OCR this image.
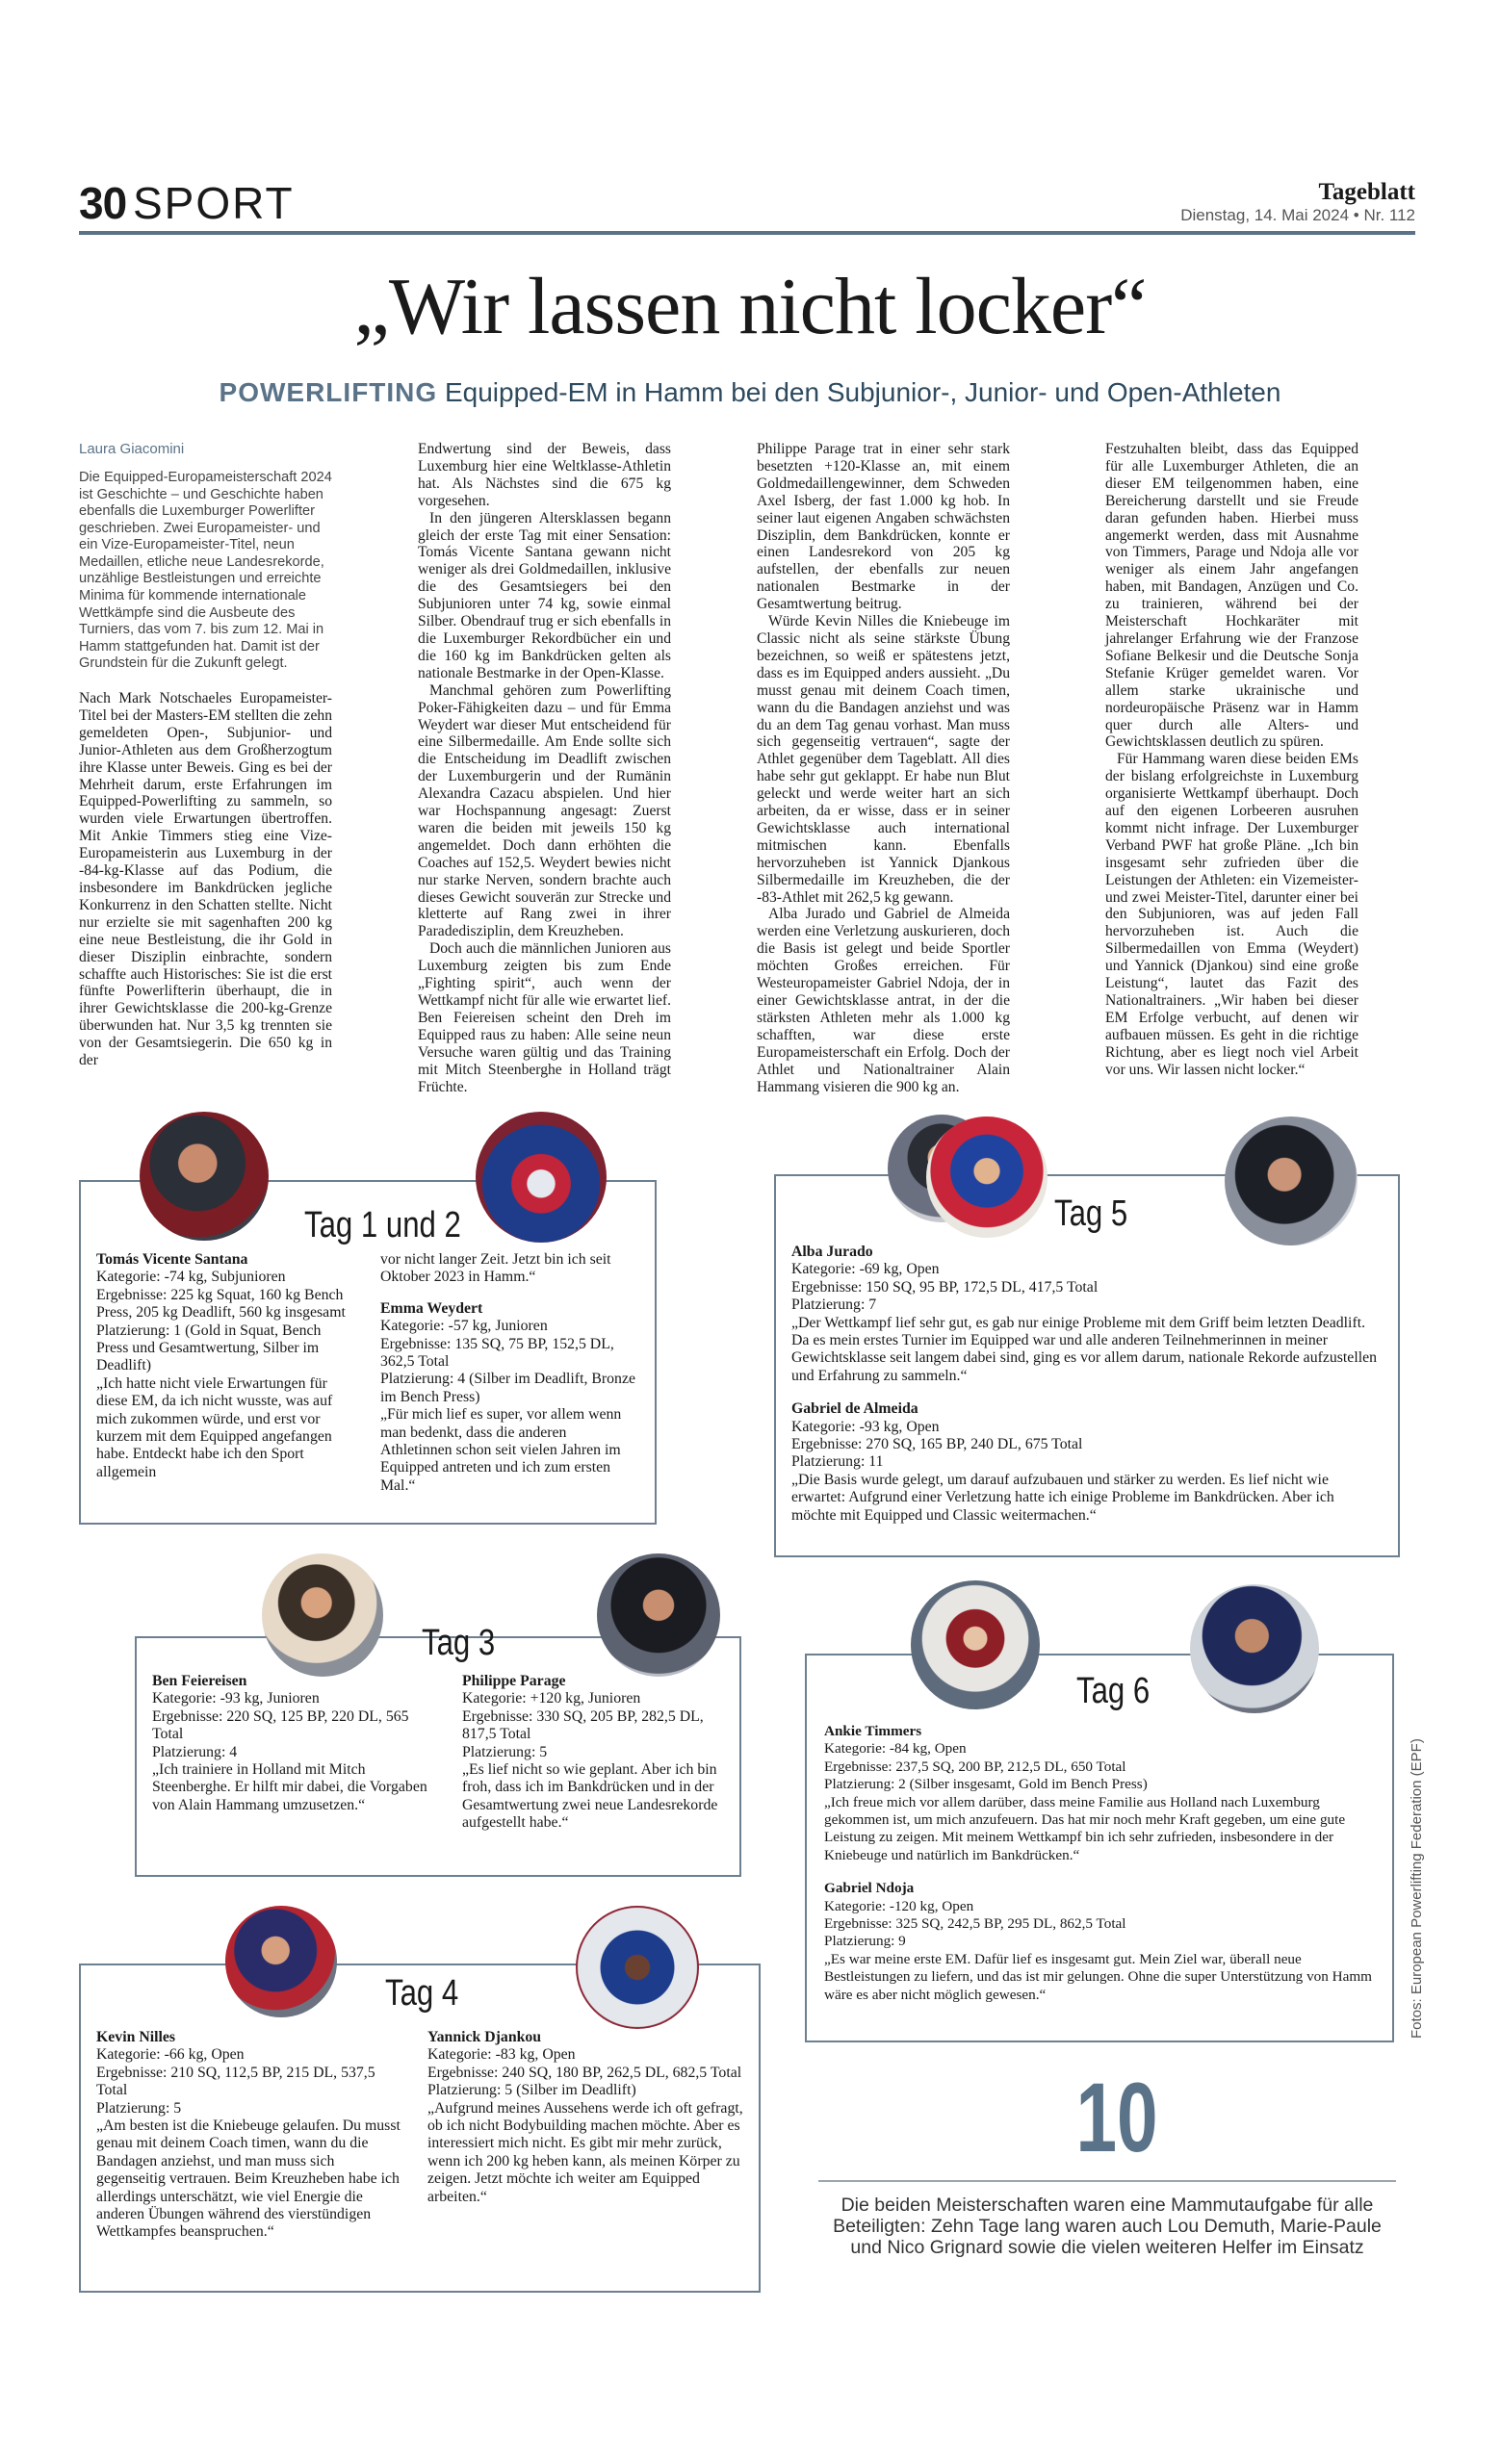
30 SPORT	Tageblatt
Dienstag, 14. Mai 2024 • Nr. 112
„Wir lassen nicht locker“
POWERLIFTING Equipped-EM in Hamm bei den Subjunior-, Junior- und Open-Athleten
Laura Giacomini
Die Equipped-Europameisterschaft 2024 ist Geschichte – und Geschichte haben ebenfalls die Luxemburger Powerlifter geschrieben. Zwei Europameister- und ein Vize-Europameister-Titel, neun Medaillen, etliche neue Landesrekorde, unzählige Bestleistungen und erreichte Minima für kommende internationale Wettkämpfe sind die Ausbeute des Turniers, das vom 7. bis zum 12. Mai in Hamm stattgefunden hat. Damit ist der Grundstein für die Zukunft gelegt.

Nach Mark Notschaeles Europameister-Titel bei der Masters-EM stellten die zehn gemeldeten Open-, Subjunior- und Junior-Athleten aus dem Großherzogtum ihre Klasse unter Beweis. Ging es bei der Mehrheit darum, erste Erfahrungen im Equipped-Powerlifting zu sammeln, so wurden viele Erwartungen übertroffen. Mit Ankie Timmers stieg eine Vize-Europameisterin aus Luxemburg in der -84-kg-Klasse auf das Podium, die insbesondere im Bankdrücken jegliche Konkurrenz in den Schatten stellte. Nicht nur erzielte sie mit sagenhaften 200 kg eine neue Bestleistung, die ihr Gold in dieser Disziplin einbrachte, sondern schaffte auch Historisches: Sie ist die erst fünfte Powerlifterin überhaupt, die in ihrer Gewichtsklasse die 200-kg-Grenze überwunden hat. Nur 3,5 kg trennten sie von der Gesamtsiegerin. Die 650 kg in der

Endwertung sind der Beweis, dass Luxemburg hier eine Weltklasse-Athletin hat. Als Nächstes sind die 675 kg vorgesehen.

In den jüngeren Altersklassen begann gleich der erste Tag mit einer Sensation: Tomás Vicente Santana gewann nicht weniger als drei Goldmedaillen, inklusive die des Gesamtsiegers bei den Subjunioren unter 74 kg, sowie einmal Silber. Obendrauf trug er sich ebenfalls in die Luxemburger Rekordbücher ein und die 160 kg im Bankdrücken gelten als nationale Bestmarke in der Open-Klasse.

Manchmal gehören zum Powerlifting Poker-Fähigkeiten dazu – und für Emma Weydert war dieser Mut entscheidend für eine Silbermedaille. Am Ende sollte sich die Entscheidung im Deadlift zwischen der Luxemburgerin und der Rumänin Alexandra Cazacu abspielen. Und hier war Hochspannung angesagt: Zuerst waren die beiden mit jeweils 150 kg angemeldet. Doch dann erhöhten die Coaches auf 152,5. Weydert bewies nicht nur starke Nerven, sondern brachte auch dieses Gewicht souverän zur Strecke und kletterte auf Rang zwei in ihrer Paradedisziplin, dem Kreuzheben.

Doch auch die männlichen Junioren aus Luxemburg zeigten bis zum Ende „Fighting spirit“, auch wenn der Wettkampf nicht für alle wie erwartet lief. Ben Feiereisen scheint den Dreh im Equipped raus zu haben: Alle seine neun Versuche waren gültig und das Training mit Mitch Steenberghe in Holland trägt Früchte.

Philippe Parage trat in einer sehr stark besetzten +120-Klasse an, mit einem Goldmedaillengewinner, dem Schweden Axel Isberg, der fast 1.000 kg hob. In seiner laut eigenen Angaben schwächsten Disziplin, dem Bankdrücken, konnte er einen Landesrekord von 205 kg aufstellen, der ebenfalls zur neuen nationalen Bestmarke in der Gesamtwertung beitrug.

Würde Kevin Nilles die Kniebeuge im Classic nicht als seine stärkste Übung bezeichnen, so weiß er spätestens jetzt, dass es im Equipped anders aussieht. „Du musst genau mit deinem Coach timen, wann du die Bandagen anziehst und was du an dem Tag genau vorhast. Man muss sich gegenseitig vertrauen“, sagte der Athlet gegenüber dem Tageblatt. All dies habe sehr gut geklappt. Er habe nun Blut geleckt und werde weiter hart an sich arbeiten, da er wisse, dass er in seiner Gewichtsklasse auch international mitmischen kann. Ebenfalls hervorzuheben ist Yannick Djankous Silbermedaille im Kreuzheben, die der -83-Athlet mit 262,5 kg gewann.

Alba Jurado und Gabriel de Almeida werden eine Verletzung auskurieren, doch die Basis ist gelegt und beide Sportler möchten Großes erreichen. Für Westeuropameister Gabriel Ndoja, der in einer Gewichtsklasse antrat, in der die stärksten Athleten mehr als 1.000 kg schafften, war diese erste Europameisterschaft ein Erfolg. Doch der Athlet und Nationaltrainer Alain Hammang visieren die 900 kg an.

Festzuhalten bleibt, dass das Equipped für alle Luxemburger Athleten, die an dieser EM teilgenommen haben, eine Bereicherung darstellt und sie Freude daran gefunden haben. Hierbei muss angemerkt werden, dass mit Ausnahme von Timmers, Parage und Ndoja alle vor weniger als einem Jahr angefangen haben, mit Bandagen, Anzügen und Co. zu trainieren, während bei der Meisterschaft Hochkaräter mit jahrelanger Erfahrung wie der Franzose Sofiane Belkesir und die Deutsche Sonja Stefanie Krüger gemeldet waren. Vor allem starke ukrainische und nordeuropäische Präsenz war in Hamm quer durch alle Alters- und Gewichtsklassen deutlich zu spüren.

Für Hammang waren diese beiden EMs der bislang erfolgreichste in Luxemburg organisierte Wettkampf überhaupt. Doch auf den eigenen Lorbeeren ausruhen kommt nicht infrage. Der Luxemburger Verband PWF hat große Pläne. „Ich bin insgesamt sehr zufrieden über die Leistungen der Athleten: ein Vizemeister- und zwei Meister-Titel, darunter einer bei den Subjunioren, was auf jeden Fall hervorzuheben ist. Auch die Silbermedaillen von Emma (Weydert) und Yannick (Djankou) sind eine große Leistung“, lautet das Fazit des Nationaltrainers. „Wir haben bei dieser EM Erfolge verbucht, auf denen wir aufbauen müssen. Es geht in die richtige Richtung, aber es liegt noch viel Arbeit vor uns. Wir lassen nicht locker.“

Tag 1 und 2
Tomás Vicente Santana
Kategorie: -74 kg, Subjunioren
Ergebnisse: 225 kg Squat, 160 kg Bench Press, 205 kg Deadlift, 560 kg insgesamt
Platzierung: 1 (Gold in Squat, Bench Press und Gesamtwertung, Silber im Deadlift)
„Ich hatte nicht viele Erwartungen für diese EM, da ich nicht wusste, was auf mich zukommen würde, und erst vor kurzem mit dem Equipped angefangen habe. Entdeckt habe ich den Sport allgemein
vor nicht langer Zeit. Jetzt bin ich seit Oktober 2023 in Hamm.“
Emma Weydert
Kategorie: -57 kg, Junioren
Ergebnisse: 135 SQ, 75 BP, 152,5 DL, 362,5 Total
Platzierung: 4 (Silber im Deadlift, Bronze im Bench Press)
„Für mich lief es super, vor allem wenn man bedenkt, dass die anderen Athletinnen schon seit vielen Jahren im Equipped antreten und ich zum ersten Mal.“
Tag 5
Alba Jurado
Kategorie: -69 kg, Open
Ergebnisse: 150 SQ, 95 BP, 172,5 DL, 417,5 Total
Platzierung: 7
„Der Wettkampf lief sehr gut, es gab nur einige Probleme mit dem Griff beim letzten Deadlift. Da es mein erstes Turnier im Equipped war und alle anderen Teilnehmerinnen in meiner Gewichtsklasse seit langem dabei sind, ging es vor allem darum, nationale Rekorde aufzustellen und Erfahrung zu sammeln.“
Gabriel de Almeida
Kategorie: -93 kg, Open
Ergebnisse: 270 SQ, 165 BP, 240 DL, 675 Total
Platzierung: 11
„Die Basis wurde gelegt, um darauf aufzubauen und stärker zu werden. Es lief nicht wie erwartet: Aufgrund einer Verletzung hatte ich einige Probleme im Bankdrücken. Aber ich möchte mit Equipped und Classic weitermachen.“
Tag 3
Ben Feiereisen
Kategorie: -93 kg, Junioren
Ergebnisse: 220 SQ, 125 BP, 220 DL, 565 Total
Platzierung: 4
„Ich trainiere in Holland mit Mitch Steenberghe. Er hilft mir dabei, die Vorgaben von Alain Hammang umzusetzen.“
Philippe Parage
Kategorie: +120 kg, Junioren
Ergebnisse: 330 SQ, 205 BP, 282,5 DL, 817,5 Total
Platzierung: 5
„Es lief nicht so wie geplant. Aber ich bin froh, dass ich im Bankdrücken und in der Gesamtwertung zwei neue Landesrekorde aufgestellt habe.“
Tag 6
Ankie Timmers
Kategorie: -84 kg, Open
Ergebnisse: 237,5 SQ, 200 BP, 212,5 DL, 650 Total
Platzierung: 2 (Silber insgesamt, Gold im Bench Press)
„Ich freue mich vor allem darüber, dass meine Familie aus Holland nach Luxemburg gekommen ist, um mich anzufeuern. Das hat mir noch mehr Kraft gegeben, um eine gute Leistung zu zeigen. Mit meinem Wettkampf bin ich sehr zufrieden, insbesondere in der Kniebeuge und natürlich im Bankdrücken.“
Gabriel Ndoja
Kategorie: -120 kg, Open
Ergebnisse: 325 SQ, 242,5 BP, 295 DL, 862,5 Total
Platzierung: 9
„Es war meine erste EM. Dafür lief es insgesamt gut. Mein Ziel war, überall neue Bestleistungen zu liefern, und das ist mir gelungen. Ohne die super Unterstützung von Hamm wäre es aber nicht möglich gewesen.“
Tag 4
Kevin Nilles
Kategorie: -66 kg, Open
Ergebnisse: 210 SQ, 112,5 BP, 215 DL, 537,5 Total
Platzierung: 5
„Am besten ist die Kniebeuge gelaufen. Du musst genau mit deinem Coach timen, wann du die Bandagen anziehst, und man muss sich gegenseitig vertrauen. Beim Kreuzheben habe ich allerdings unterschätzt, wie viel Energie die anderen Übungen während des vierstündigen Wettkampfes beanspruchen.“
Yannick Djankou
Kategorie: -83 kg, Open
Ergebnisse: 240 SQ, 180 BP, 262,5 DL, 682,5 Total
Platzierung: 5 (Silber im Deadlift)
„Aufgrund meines Aussehens werde ich oft gefragt, ob ich nicht Bodybuilding machen möchte. Aber es interessiert mich nicht. Es gibt mir mehr zurück, wenn ich 200 kg heben kann, als meinen Körper zu zeigen. Jetzt möchte ich weiter am Equipped arbeiten.“
10
Die beiden Meisterschaften waren eine Mammutaufgabe für alle Beteiligten: Zehn Tage lang waren auch Lou Demuth, Marie-Paule und Nico Grignard sowie die vielen weiteren Helfer im Einsatz
Fotos: European Powerlifting Federation (EPF)
